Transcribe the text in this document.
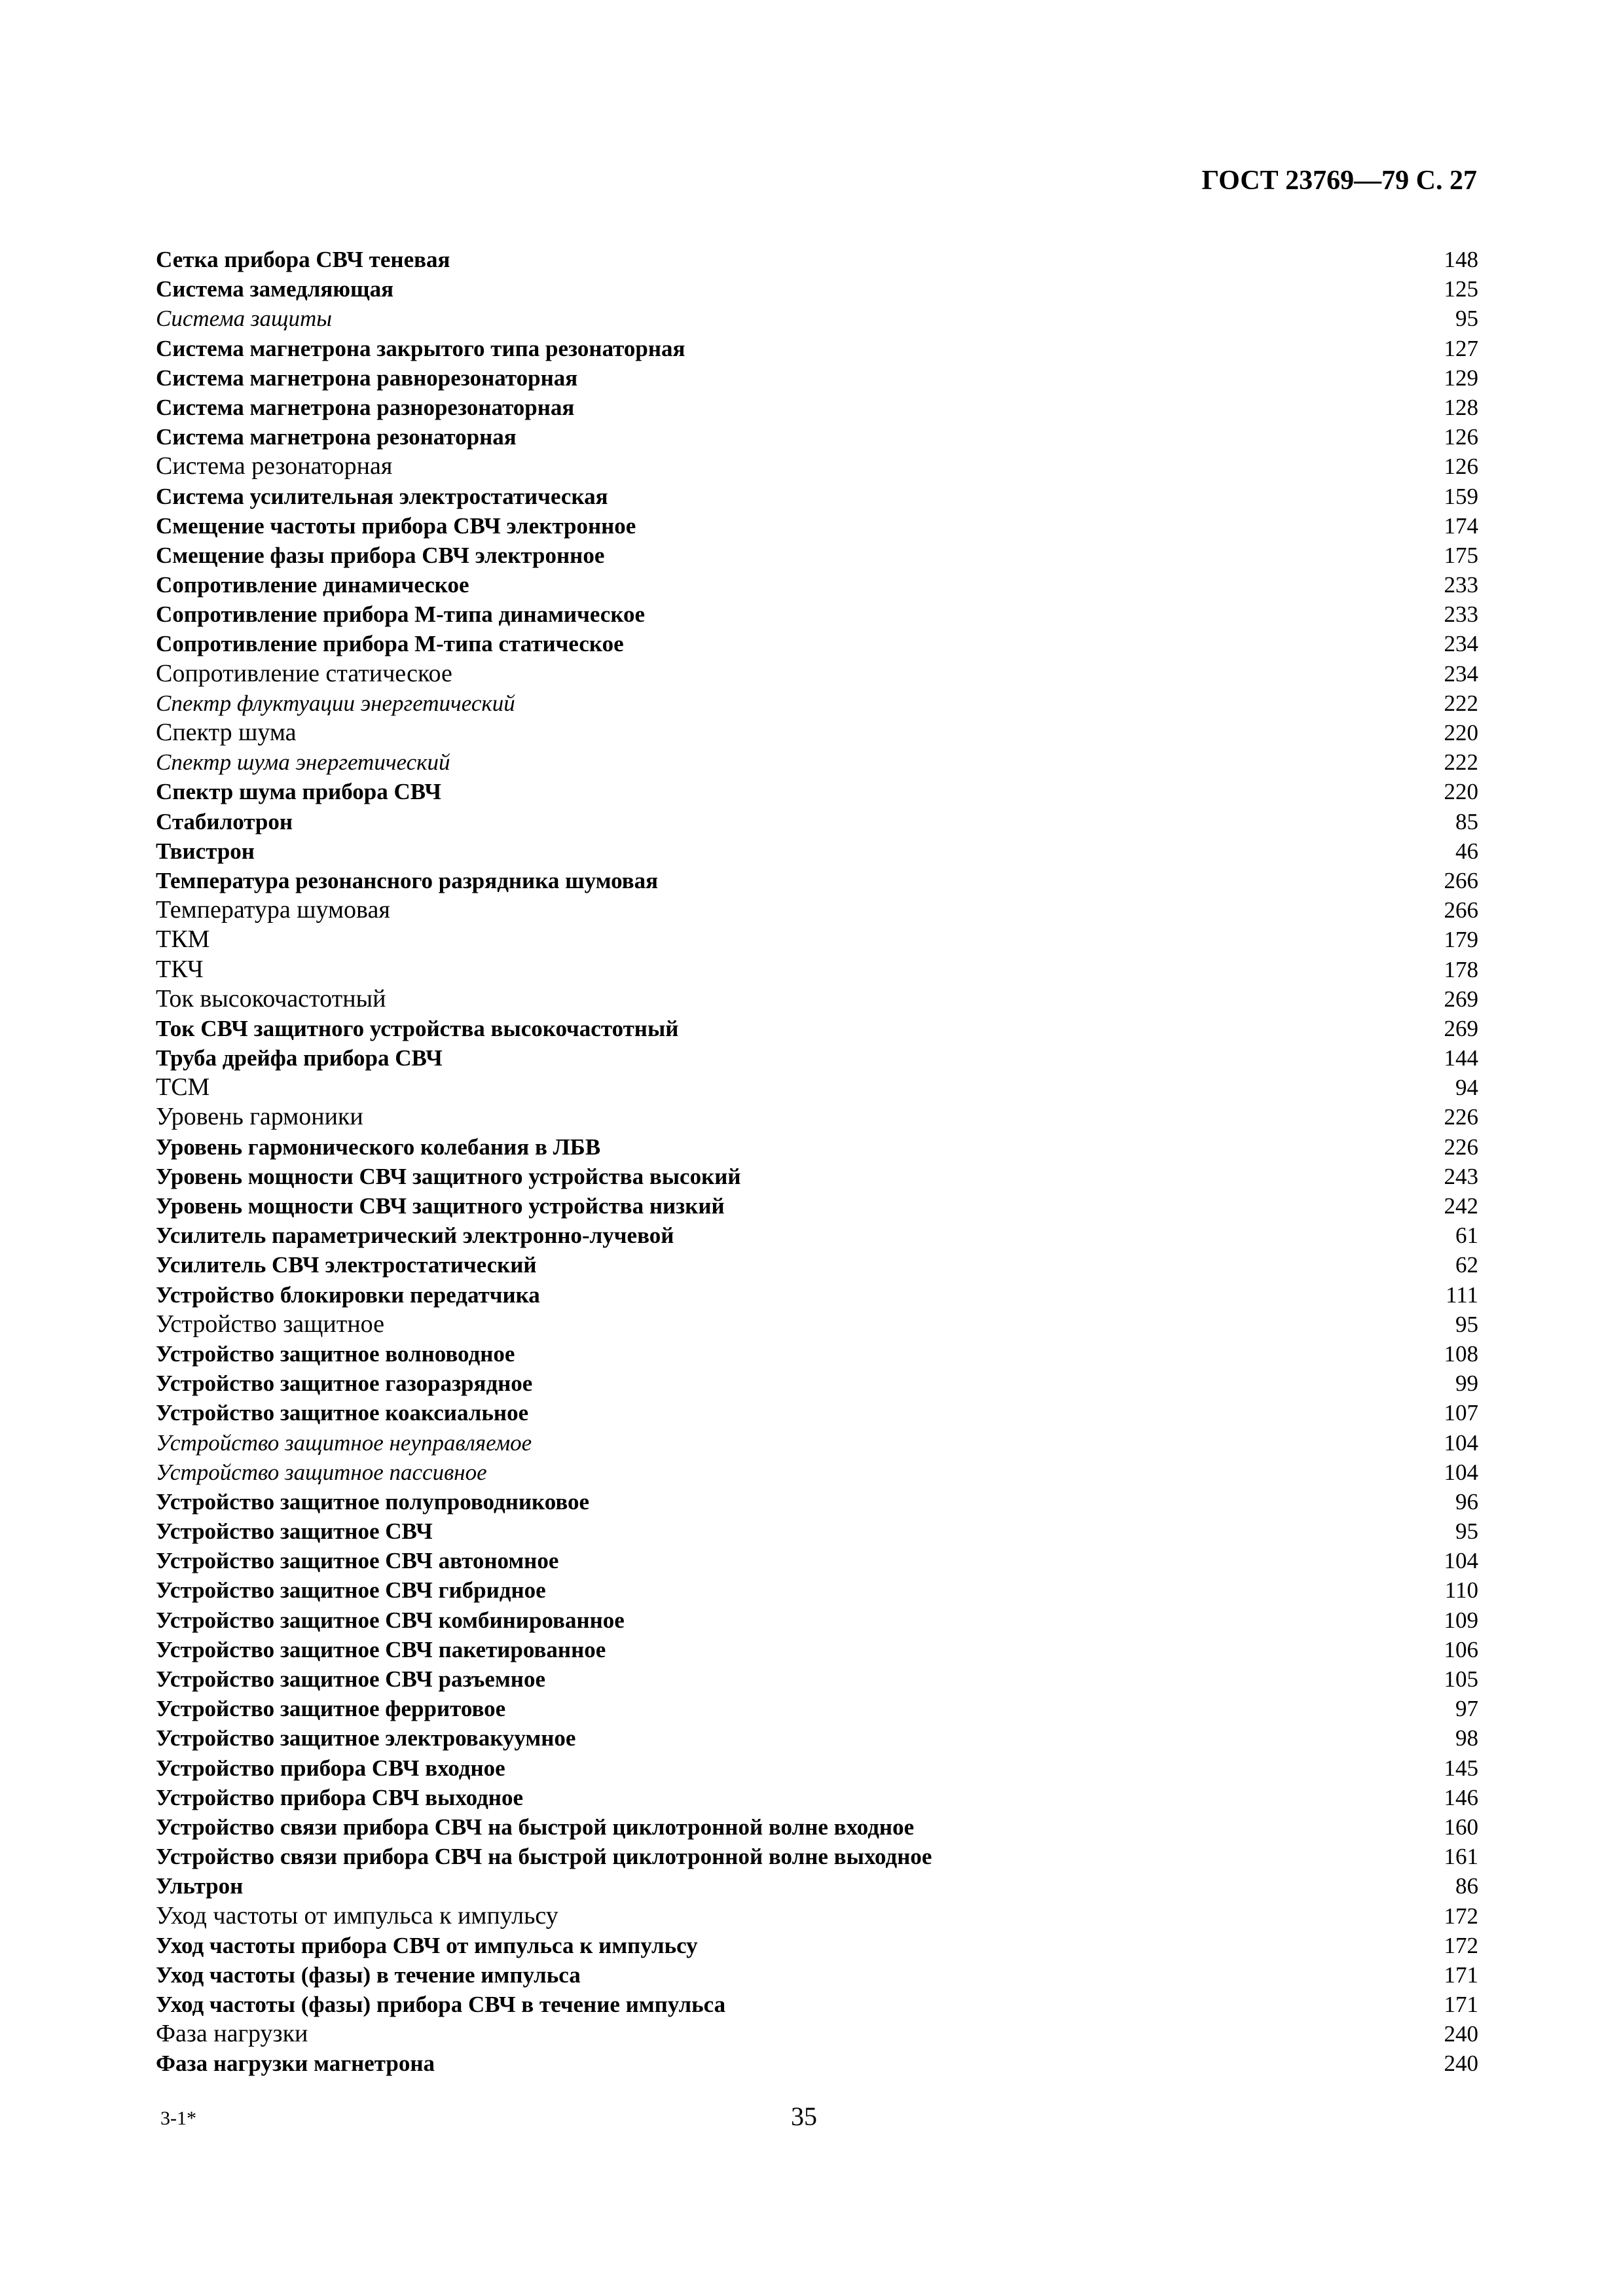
ГОСТ 23769—79 С. 27
Сетка прибора СВЧ теневая	148
Система замедляющая	125
Система защиты	95
Система магнетрона закрытого типа резонаторная	127
Система магнетрона равнорезонаторная	129
Система магнетрона разнорезонаторная	128
Система магнетрона резонаторная	126
Система резонаторная	126
Система усилительная электростатическая	159
Смещение частоты прибора СВЧ электронное	174
Смещение фазы прибора СВЧ электронное	175
Сопротивление динамическое	233
Сопротивление прибора М-типа динамическое	233
Сопротивление прибора М-типа статическое	234
Сопротивление статическое	234
Спектр флуктуации энергетический	222
Спектр шума	220
Спектр шума энергетический	222
Спектр шума прибора СВЧ	220
Стабилотрон	85
Твистрон	46
Температура резонансного разрядника шумовая	266
Температура шумовая	266
ТКМ	179
ТКЧ	178
Ток высокочастотный	269
Ток СВЧ защитного устройства высокочастотный	269
Труба дрейфа прибора СВЧ	144
ТСМ	94
Уровень гармоники	226
Уровень гармонического колебания в ЛБВ	226
Уровень мощности СВЧ защитного устройства высокий	243
Уровень мощности СВЧ защитного устройства низкий	242
Усилитель параметрический электронно-лучевой	61
Усилитель СВЧ электростатический	62
Устройство блокировки передатчика	111
Устройство защитное	95
Устройство защитное волноводное	108
Устройство защитное газоразрядное	99
Устройство защитное коаксиальное	107
Устройство защитное неуправляемое	104
Устройство защитное пассивное	104
Устройство защитное полупроводниковое	96
Устройство защитное СВЧ	95
Устройство защитное СВЧ автономное	104
Устройство защитное СВЧ гибридное	110
Устройство защитное СВЧ комбинированное	109
Устройство защитное СВЧ пакетированное	106
Устройство защитное СВЧ разъемное	105
Устройство защитное ферритовое	97
Устройство защитное электровакуумное	98
Устройство прибора СВЧ входное	145
Устройство прибора СВЧ выходное	146
Устройство связи прибора СВЧ на быстрой циклотронной волне входное	160
Устройство связи прибора СВЧ на быстрой циклотронной волне выходное	161
Ультрон	86
Уход частоты от импульса к импульсу	172
Уход частоты прибора СВЧ от импульса к импульсу	172
Уход частоты (фазы) в течение импульса	171
Уход частоты (фазы) прибора СВЧ в течение импульса	171
Фаза нагрузки	240
Фаза нагрузки магнетрона	240
3-1*	35
